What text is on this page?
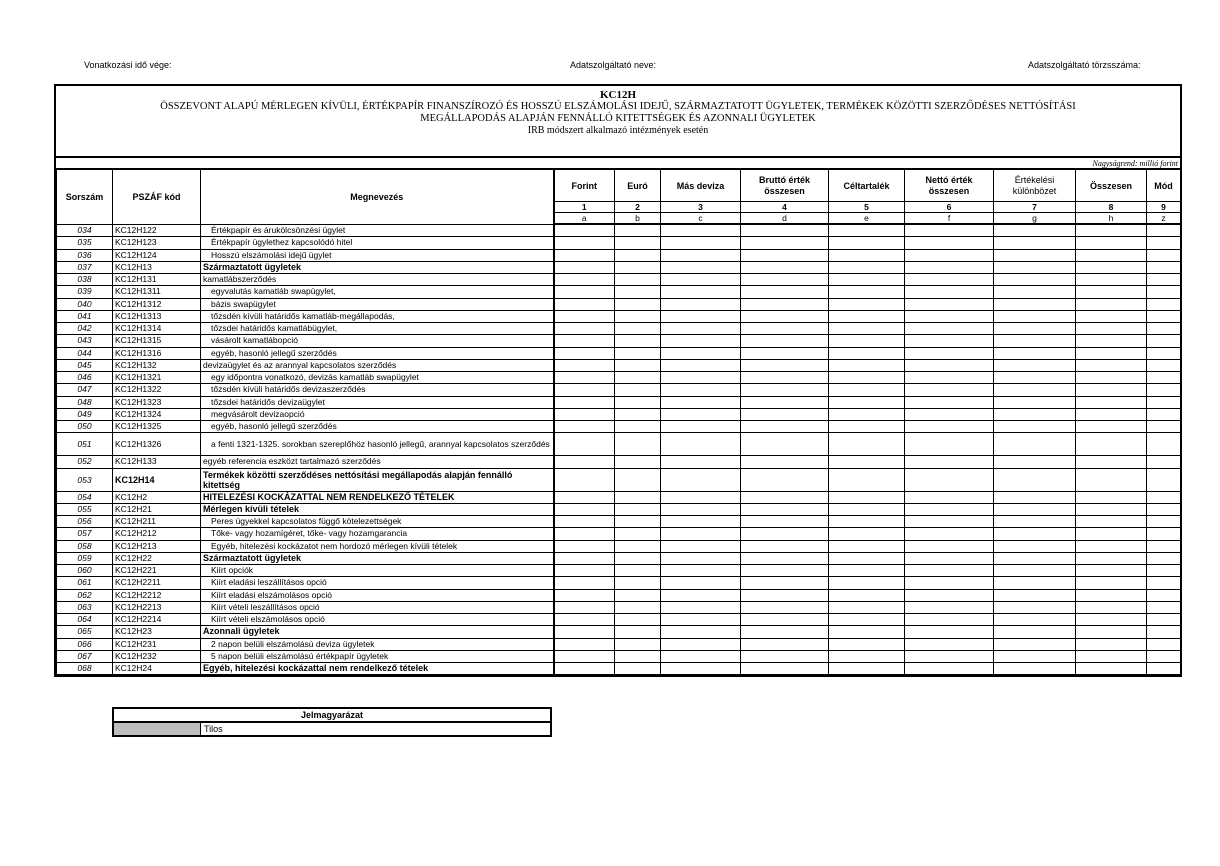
Vonatkozási idő vége:	Adatszolgáltató neve:	Adatszolgáltató törzsszáma:
KC12H
ÖSSZEVONT ALAPÚ MÉRLEGEN KÍVÜLI, ÉRTÉKPAPÍR FINANSZÍROZÓ ÉS HOSSZÚ ELSZÁMOLÁSI IDEJŰ, SZÁRMAZTATOTT ÜGYLETEK, TERMÉKEK KÖZÖTTI SZERZŐDÉSES NETTÓSÍTÁSI
MEGÁLLAPODÁS ALAPJÁN FENNÁLLÓ KITETTSÉGEK ÉS AZONNALI ÜGYLETEK
IRB módszert alkalmazó intézmények esetén
Nagyságrend: millió forint
Sorszám	PSZÁF kód	Megnevezés	Forint	Euró	Más deviza	Bruttó érték összesen	Céltartalék	Nettó érték összesen	Értékelési különbözet	Összesen	Mód
			1	2	3	4	5	6	7	8	9
			a	b	c	d	e	f	g	h	z
034	KC12H122	Értékpapír és árukölcsönzési ügylet									
035	KC12H123	Értékpapír ügylethez kapcsolódó hitel									
036	KC12H124	Hosszú elszámolási idejű ügylet									
037	KC12H13	Származtatott ügyletek									
038	KC12H131	kamatlábszerződés									
039	KC12H1311	egyvalutás kamatláb swapügylet,									
040	KC12H1312	bázis swapügylet									
041	KC12H1313	tőzsdén kívüli határidős kamatláb-megállapodás,									
042	KC12H1314	tőzsdei határidős kamatlábügylet,									
043	KC12H1315	vásárolt kamatlábopció									
044	KC12H1316	egyéb, hasonló jellegű szerződés									
045	KC12H132	devizaügylet és az arannyal kapcsolatos szerződés									
046	KC12H1321	egy időpontra vonatkozó, devizás kamatláb swapügylet									
047	KC12H1322	tőzsdén kívüli határidős devizaszerződés									
048	KC12H1323	tőzsdei határidős devizaügylet									
049	KC12H1324	megvásárolt devizaopció									
050	KC12H1325	egyéb, hasonló jellegű szerződés									
051	KC12H1326	a fenti 1321-1325. sorokban szereplőhöz hasonló jellegű, arannyal kapcsolatos szerződés									
052	KC12H133	egyéb referencia eszközt tartalmazó szerződés									
053	KC12H14	Termékek közötti szerződéses nettósítási megállapodás alapján fennálló kitettség									
054	KC12H2	HITELEZÉSI KOCKÁZATTAL NEM RENDELKEZŐ TÉTELEK									
055	KC12H21	Mérlegen kívüli tételek									
056	KC12H211	Peres ügyekkel kapcsolatos függő kötelezettségek									
057	KC12H212	Tőke- vagy hozamígéret, tőke- vagy hozamgarancia									
058	KC12H213	Egyéb, hitelezési kockázatot nem hordozó mérlegen kívüli tételek									
059	KC12H22	Származtatott ügyletek									
060	KC12H221	Kiírt opciók									
061	KC12H2211	Kiírt eladási leszállításos opció									
062	KC12H2212	Kiírt eladási elszámolásos opció									
063	KC12H2213	Kiírt vételi leszállításos opció									
064	KC12H2214	Kiírt vételi elszámolásos opció									
065	KC12H23	Azonnali ügyletek									
066	KC12H231	2 napon belüli elszámolású deviza ügyletek									
067	KC12H232	5 napon belüli elszámolású értékpapír ügyletek									
068	KC12H24	Egyéb, hitelezési kockázattal nem rendelkező tételek									
Jelmagyarázat
Tilos
